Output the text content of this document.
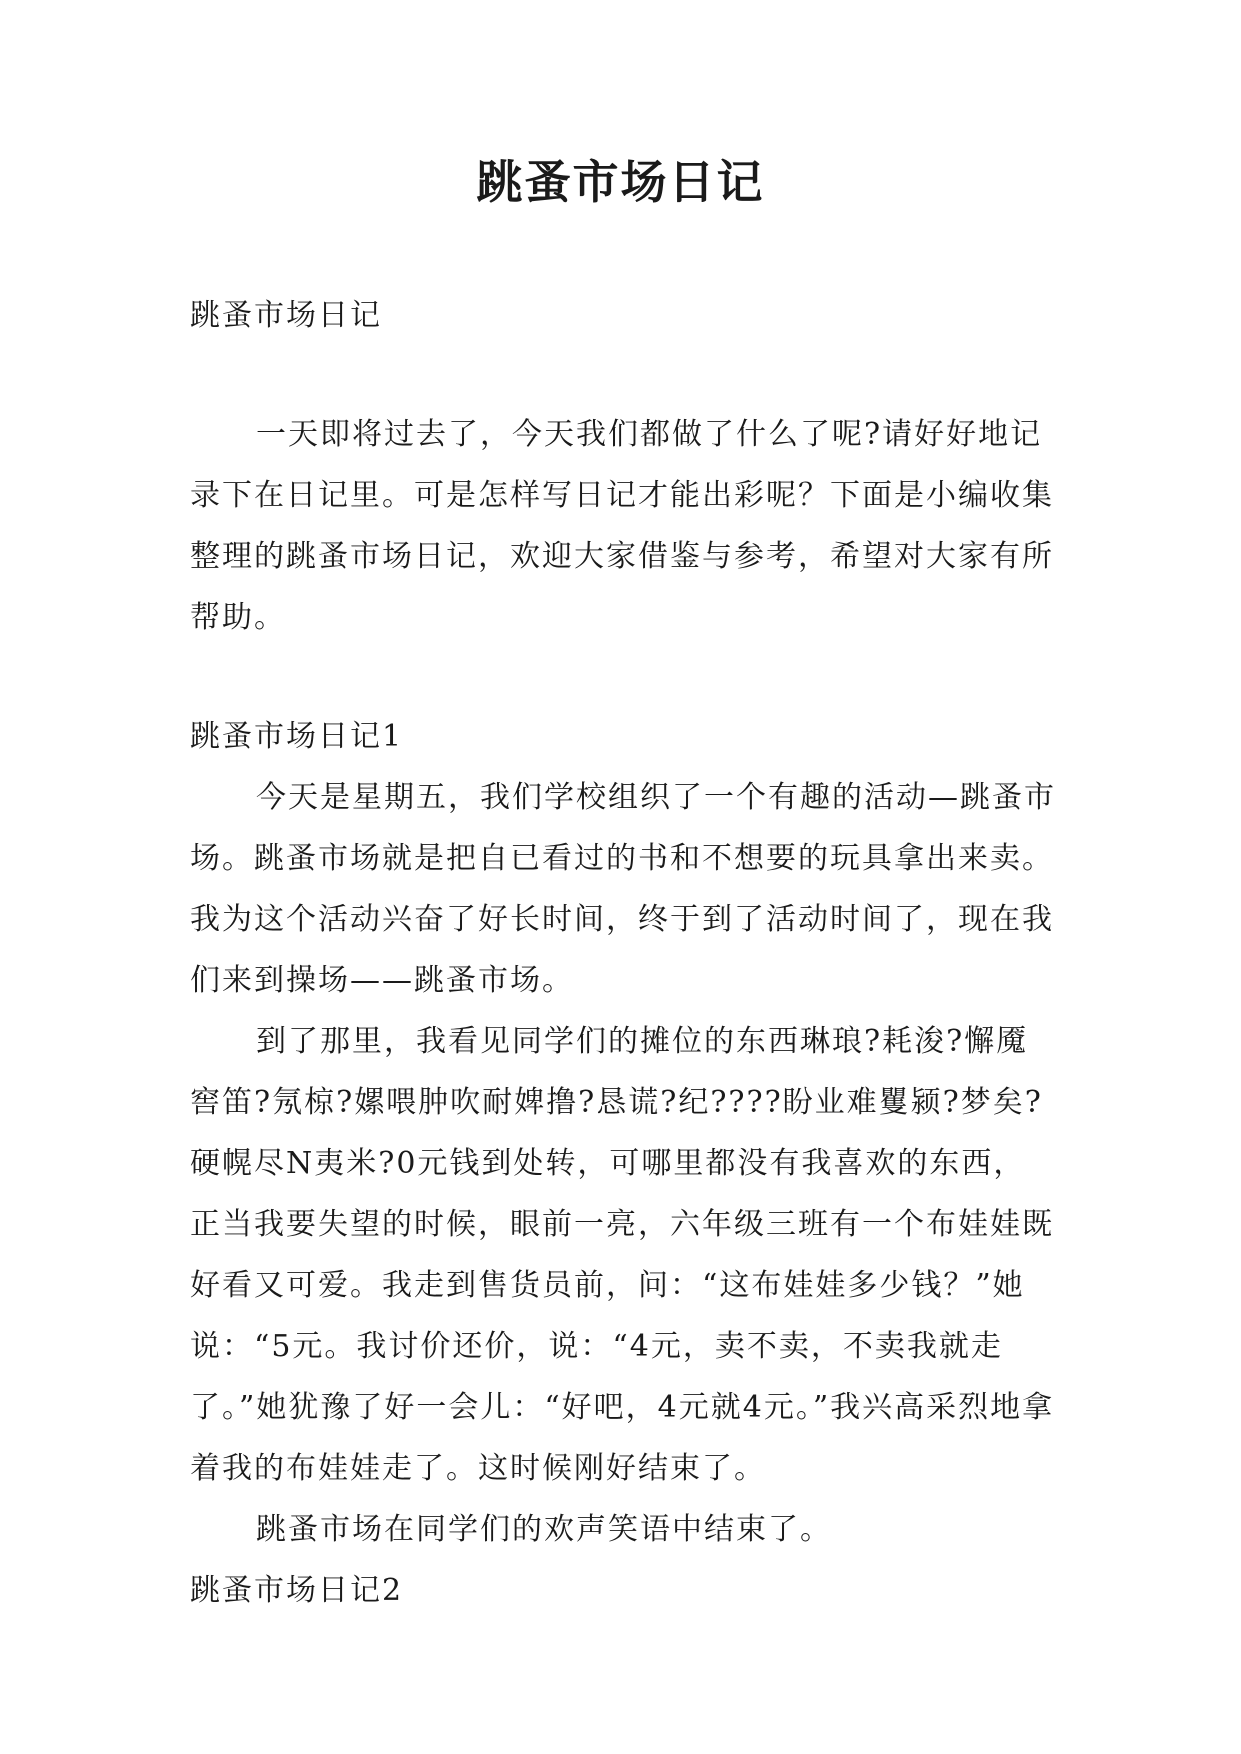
跳蚤市场日记

跳蚤市场日记

一天即将过去了，今天我们都做了什么了呢?请好好地记录下在日记里。可是怎样写日记才能出彩呢？下面是小编收集整理的跳蚤市场日记，欢迎大家借鉴与参考，希望对大家有所帮助。

跳蚤市场日记1

今天是星期五，我们学校组织了一个有趣的活动—跳蚤市场。跳蚤市场就是把自已看过的书和不想要的玩具拿出来卖。我为这个活动兴奋了好长时间，终于到了活动时间了，现在我们来到操场——跳蚤市场。

到了那里，我看见同学们的摊位的东西琳琅?耗浚?懈魇窖笛?氖椋?嫘喂肿吹耐婢撸?恳谎?纪????盼业难矍颍?梦矣?硬幌尽N夷米?0元钱到处转，可哪里都没有我喜欢的东西，正当我要失望的时候，眼前一亮，六年级三班有一个布娃娃既好看又可爱。我走到售货员前，问：“这布娃娃多少钱？”她说：“5元。我讨价还价，说：“4元，卖不卖，不卖我就走了。”她犹豫了好一会儿：“好吧，4元就4元。”我兴高采烈地拿着我的布娃娃走了。这时候刚好结束了。

跳蚤市场在同学们的欢声笑语中结束了。

跳蚤市场日记2
